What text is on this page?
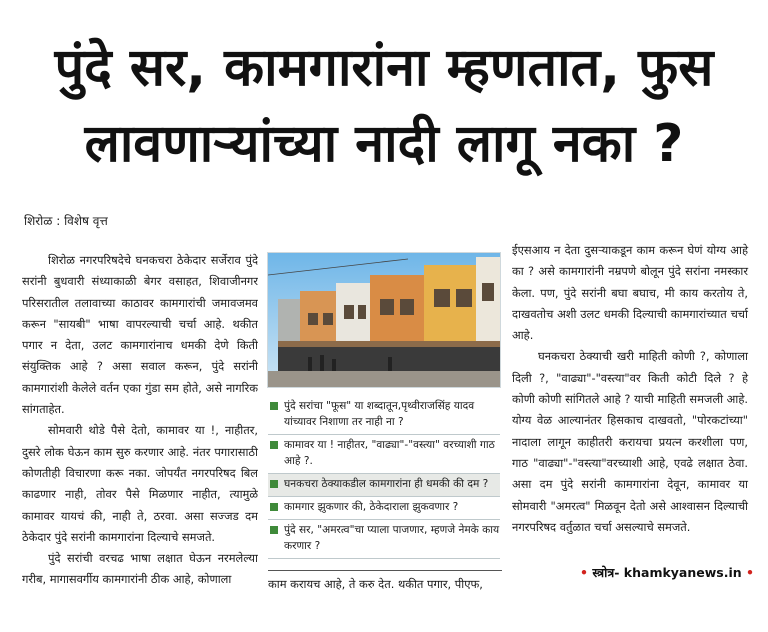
पुंदे सर, कामगारांना म्हणतात, फुस
लावणाऱ्यांच्या नादी लागू नका ?
शिरोळ : विशेष वृत्त

शिरोळ नगरपरिषदेचे घनकचरा ठेकेदार सर्जेराव पुंदे सरांनी बुधवारी संध्याकाळी बेगर वसाहत, शिवाजीनगर परिसरातील तलावाच्या काठावर कामगारांची जमावजमव करून "सायबी" भाषा वापरल्याची चर्चा आहे. थकीत पगार न देता, उलट कामगारांनाच धमकी देणे किती संयुक्तिक आहे ? असा सवाल करून, पुंदे सरांनी कामगारांशी केलेले वर्तन एका गुंडा सम होते, असे नागरिक सांगताहेत.

सोमवारी थोडे पैसे देतो, कामावर या !, नाहीतर, दुसरे लोक घेऊन काम सुरु करणार आहे. नंतर पगारासाठी कोणतीही विचारणा करू नका. जोपर्यंत नगरपरिषद बिल काढणार नाही, तोवर पैसे मिळणार नाहीत, त्यामुळे कामावर यायचं की, नाही ते, ठरवा. असा सज्जड दम ठेकेदार पुंदे सरांनी कामगारांना दिल्याचे समजते.

पुंदे सरांची वरचढ भाषा लक्षात घेऊन नरमलेल्या गरीब, मागासवर्गीय कामगारांनी ठीक आहे, कोणाला

पुंदे सरांचा "फूस" या शब्दातून,पृथ्वीराजसिंह यादव यांच्यावर निशाणा तर नाही ना ?
कामावर या ! नाहीतर, "वाढ्या"-"वस्त्या" वरच्याशी गाठ आहे ?.
घनकचरा ठेक्याकडील कामगारांना ही धमकी की दम ?
कामगार झुकणार की, ठेकेदाराला झुकवणार ?
पुंदे सर, "अमरत्व"चा प्याला पाजणार, म्हणजे नेमके काय करणार ?
काम करायच आहे, ते करु देत. थकीत पगार, पीएफ,

ईएसआय न देता दुसऱ्याकडून काम करून घेणं योग्य आहे का ? असे कामगारांनी नम्रपणे बोलून पुंदे सरांना नमस्कार केला. पण, पुंदे सरांनी बघा बघाच, मी काय करतोय ते, दाखवतोच अशी उलट धमकी दिल्याची कामगारांच्यात चर्चा आहे.

घनकचरा ठेक्याची खरी माहिती कोणी ?, कोणाला दिली ?, "वाढ्या"-"वस्त्या"वर किती कोटी दिले ? हे कोणी कोणी सांगितले आहे ? याची माहिती समजली आहे. योग्य वेळ आल्यानंतर हिसकाच दाखवतो, "पोरकटांच्या" नादाला लागून काहीतरी करायचा प्रयत्न करशीला पण, गाठ "वाढ्या"-"वस्त्या"वरच्याशी आहे, एवढे लक्षात ठेवा. असा दम पुंदे सरांनी कामगारांना देवून, कामावर या सोमवारी "अमरत्व" मिळवून देतो असे आश्वासन दिल्याची नगरपरिषद वर्तुळात चर्चा असल्याचे समजते.

• स्त्रोत्र- khamkyanews.in •
